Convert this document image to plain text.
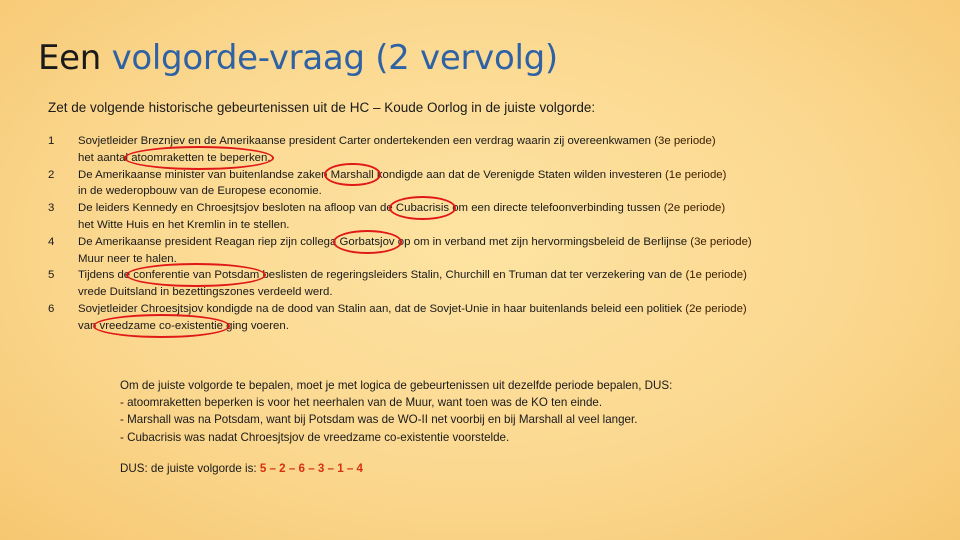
Een volgorde-vraag (2 vervolg)
Zet de volgende historische gebeurtenissen uit de HC – Koude Oorlog in de juiste volgorde:
1	Sovjetleider Breznjev en de Amerikaanse president Carter ondertekenden een verdrag waarin zij overeenkwamen (3e periode)
het aantal atoomraketten te beperken.
2	De Amerikaanse minister van buitenlandse zaken Marshall kondigde aan dat de Verenigde Staten wilden investeren (1e periode)
in de wederopbouw van de Europese economie.
3	De leiders Kennedy en Chroesjtsjov besloten na afloop van de Cubacrisis om een directe telefoonverbinding tussen (2e periode)
het Witte Huis en het Kremlin in te stellen.
4	De Amerikaanse president Reagan riep zijn collega Gorbatsjov op om in verband met zijn hervormingsbeleid de Berlijnse (3e periode)
Muur neer te halen.
5	Tijdens de conferentie van Potsdam beslisten de regeringsleiders Stalin, Churchill en Truman dat ter verzekering van de (1e periode)
vrede Duitsland in bezettingszones verdeeld werd.
6	Sovjetleider Chroesjtsjov kondigde na de dood van Stalin aan, dat de Sovjet-Unie in haar buitenlands beleid een politiek (2e periode)
van vreedzame co-existentie ging voeren.

Om de juiste volgorde te bepalen, moet je met logica de gebeurtenissen uit dezelfde periode bepalen, DUS:

- atoomraketten beperken is voor het neerhalen van de Muur, want toen was de KO ten einde.

- Marshall was na Potsdam, want bij Potsdam was de WO-II net voorbij en bij Marshall al veel langer.

- Cubacrisis was nadat Chroesjtsjov de vreedzame co-existentie voorstelde.

DUS: de juiste volgorde is: 5 – 2 – 6 – 3 – 1 – 4
